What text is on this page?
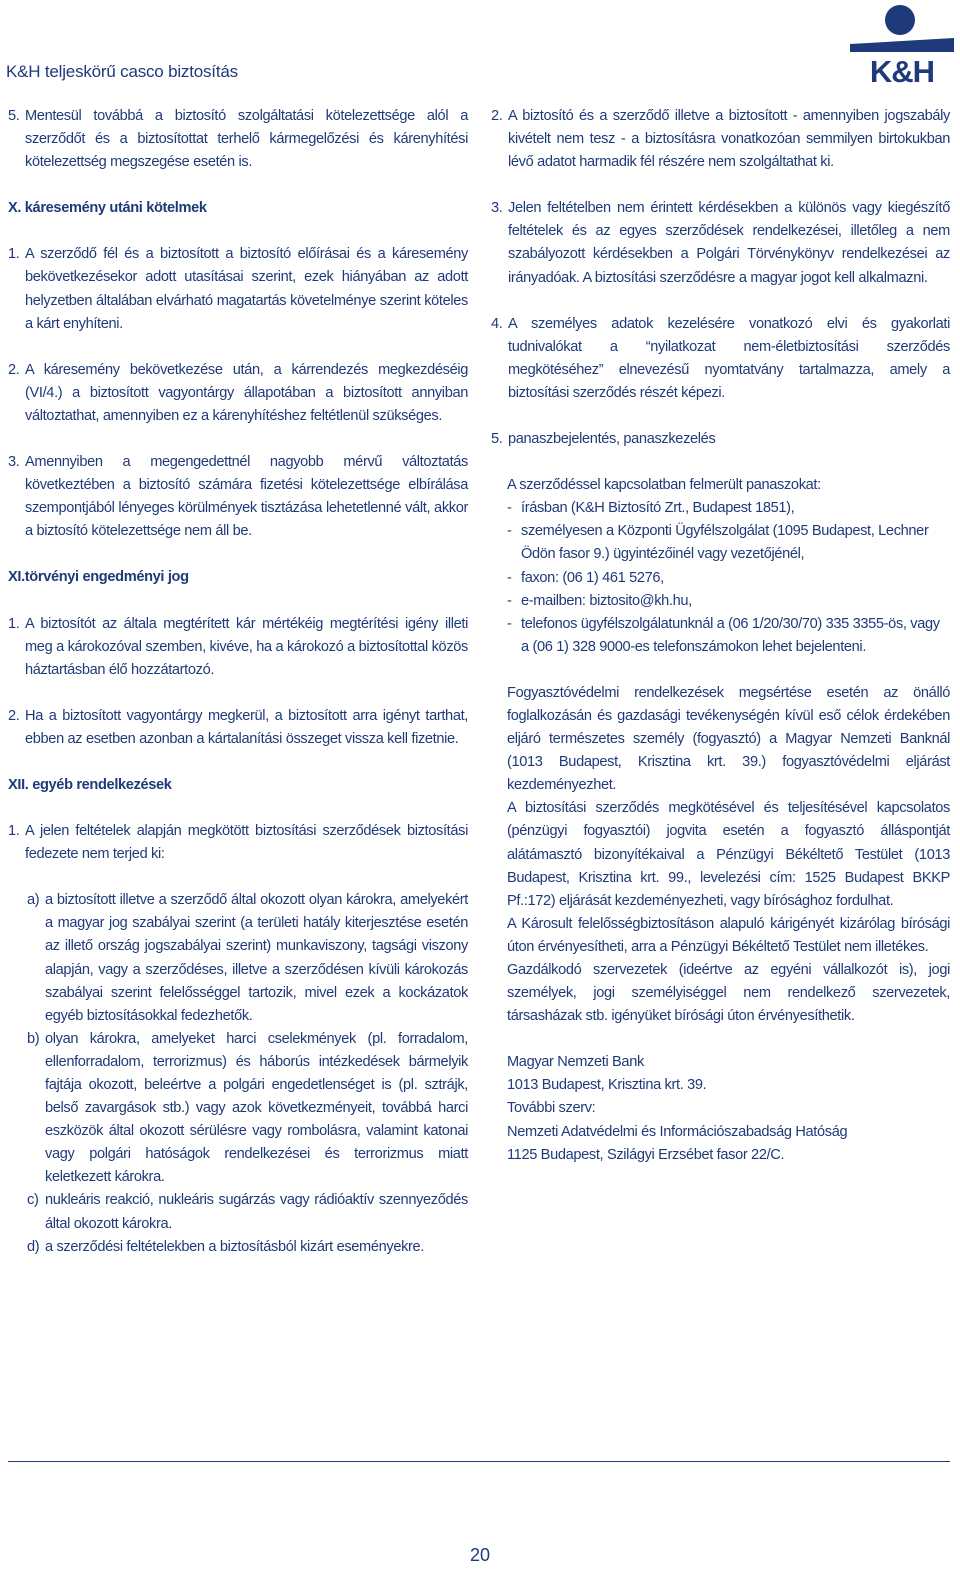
K&H teljeskörű casco biztosítás	K&H

5. Mentesül továbbá a biztosító szolgáltatási kötelezettsége alól a szerződőt és a biztosítottat terhelő kármegelőzési és kárenyhítési kötelezettség megszegése esetén is.

X. káresemény utáni kötelmek

1. A szerződő fél és a biztosított a biztosító előírásai és a káresemény bekövetkezésekor adott utasításai szerint, ezek hiányában az adott helyzetben általában elvárható magatartás követelménye szerint köteles a kárt enyhíteni.

2. A káresemény bekövetkezése után, a kárrendezés megkezdéséig (VI/4.) a biztosított vagyontárgy állapotában a biztosított annyiban változtathat, amennyiben ez a kárenyhítéshez feltétlenül szükséges.

3. Amennyiben a megengedettnél nagyobb mérvű változtatás következtében a biztosító számára fizetési kötelezettsége elbírálása szempontjából lényeges körülmények tisztázása lehetetlenné vált, akkor a biztosító kötelezettsége nem áll be.

XI.törvényi engedményi jog

1. A biztosítót az általa megtérített kár mértékéig megtérítési igény illeti meg a károkozóval szemben, kivéve, ha a károkozó a biztosítottal közös háztartásban élő hozzátartozó.

2. Ha a biztosított vagyontárgy megkerül, a biztosított arra igényt tarthat, ebben az esetben azonban a kártalanítási összeget vissza kell fizetnie.

XII. egyéb rendelkezések

1. A jelen feltételek alapján megkötött biztosítási szerződések biztosítási fedezete nem terjed ki:

a) a biztosított illetve a szerződő által okozott olyan károkra, amelyekért a magyar jog szabályai szerint (a területi hatály kiterjesztése esetén az illető ország jogszabályai szerint) munkaviszony, tagsági viszony alapján, vagy a szerződéses, illetve a szerződésen kívüli károkozás szabályai szerint felelősséggel tartozik, mivel ezek a kockázatok egyéb biztosításokkal fedezhetők.

b) olyan károkra, amelyeket harci cselekmények (pl. forradalom, ellenforradalom, terrorizmus) és háborús intézkedések bármelyik fajtája okozott, beleértve a polgári engedetlenséget is (pl. sztrájk, belső zavargások stb.) vagy azok következményeit, továbbá harci eszközök által okozott sérülésre vagy rombolásra, valamint katonai vagy polgári hatóságok rendelkezései és terrorizmus miatt keletkezett károkra.

c) nukleáris reakció, nukleáris sugárzás vagy rádióaktív szennyeződés által okozott károkra.

d) a szerződési feltételekben a biztosításból kizárt eseményekre.

2. A biztosító és a szerződő illetve a biztosított - amennyiben jogszabály kivételt nem tesz - a biztosításra vonatkozóan semmilyen birtokukban lévő adatot harmadik fél részére nem szolgáltathat ki.

3. Jelen feltételben nem érintett kérdésekben a különös vagy kiegészítő feltételek és az egyes szerződések rendelkezései, illetőleg a nem szabályozott kérdésekben a Polgári Törvénykönyv rendelkezései az irányadóak. A biztosítási szerződésre a magyar jogot kell alkalmazni.

4. A személyes adatok kezelésére vonatkozó elvi és gyakorlati tudnivalókat a “nyilatkozat nem-életbiztosítási szerződés megkötéséhez” elnevezésű nyomtatvány tartalmazza, amely a biztosítási szerződés részét képezi.

5. panaszbejelentés, panaszkezelés

A szerződéssel kapcsolatban felmerült panaszokat:

- írásban (K&H Biztosító Zrt., Budapest 1851),

- személyesen a Központi Ügyfélszolgálat (1095 Budapest, Lechner Ödön fasor 9.) ügyintézőinél vagy vezetőjénél,

- faxon: (06 1) 461 5276,

- e-mailben: biztosito@kh.hu,

- telefonos ügyfélszolgálatunknál a (06 1/20/30/70) 335 3355-ös, vagy a (06 1) 328 9000-es telefonszámokon lehet bejelenteni.

Fogyasztóvédelmi rendelkezések megsértése esetén az önálló foglalkozásán és gazdasági tevékenységén kívül eső célok érdekében eljáró természetes személy (fogyasztó) a Magyar Nemzeti Banknál (1013 Budapest, Krisztina krt. 39.) fogyasztóvédelmi eljárást kezdeményezhet.

A biztosítási szerződés megkötésével és teljesítésével kapcsolatos (pénzügyi fogyasztói) jogvita esetén a fogyasztó álláspontját alátámasztó bizonyítékaival a Pénzügyi Békéltető Testület (1013 Budapest, Krisztina krt. 99., levelezési cím: 1525 Budapest BKKP Pf.:172) eljárását kezdeményezheti, vagy bírósághoz fordulhat.

A Károsult felelősségbiztosításon alapuló kárigényét kizárólag bírósági úton érvényesítheti, arra a Pénzügyi Békéltető Testület nem illetékes.

Gazdálkodó szervezetek (ideértve az egyéni vállalkozót is), jogi személyek, jogi személyiséggel nem rendelkező szervezetek, társasházak stb. igényüket bírósági úton érvényesíthetik.

Magyar Nemzeti Bank

1013 Budapest, Krisztina krt. 39.

További szerv:

Nemzeti Adatvédelmi és Információszabadság Hatóság

1125 Budapest, Szilágyi Erzsébet fasor 22/C.

20
